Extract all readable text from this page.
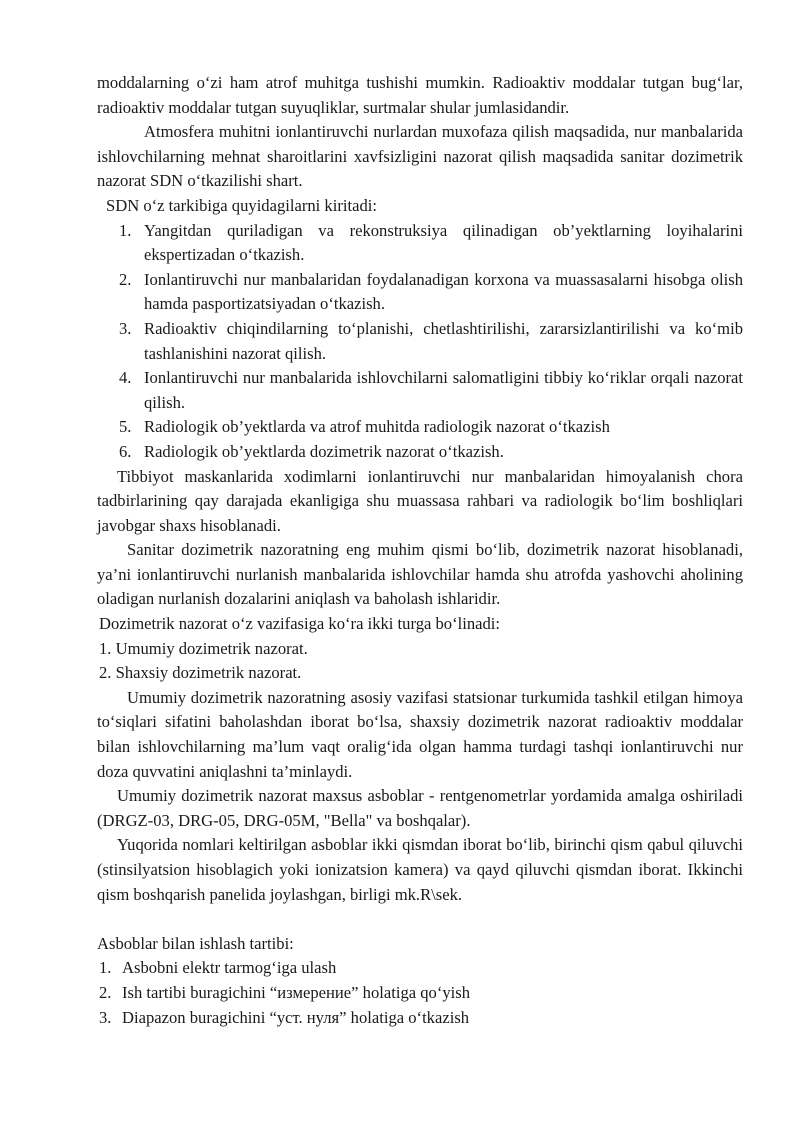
moddalarning o‘zi ham atrof muhitga tushishi mumkin. Radioaktiv moddalar tutgan bug‘lar, radioaktiv moddalar tutgan suyuqliklar, surtmalar shular jumlasidandir.

Atmosfera muhitni ionlantiruvchi nurlardan muxofaza qilish maqsadida, nur manbalarida ishlovchilarning mehnat sharoitlarini xavfsizligini nazorat qilish maqsadida sanitar dozimetrik nazorat SDN o‘tkazilishi shart.

SDN o‘z tarkibiga quyidagilarni kiritadi:

1. Yangitdan quriladigan va rekonstruksiya qilinadigan ob’yektlarning loyihalarini ekspertizadan o‘tkazish.
2. Ionlantiruvchi nur manbalaridan foydalanadigan korxona va muassasalarni hisobga olish hamda pasportizatsiyadan o‘tkazish.
3. Radioaktiv chiqindilarning to‘planishi, chetlashtirilishi, zararsizlantirilishi va ko‘mib tashlanishini nazorat qilish.
4. Ionlantiruvchi nur manbalarida ishlovchilarni salomatligini tibbiy ko‘riklar orqali nazorat qilish.
5. Radiologik ob’yektlarda va atrof muhitda radiologik nazorat o‘tkazish
6. Radiologik ob’yektlarda dozimetrik nazorat o‘tkazish.

Tibbiyot maskanlarida xodimlarni ionlantiruvchi nur manbalaridan himoyalanish chora tadbirlarining qay darajada ekanligiga shu muassasa rahbari va radiologik bo‘lim boshliqlari javobgar shaxs hisoblanadi.

Sanitar dozimetrik nazoratning eng muhim qismi bo‘lib, dozimetrik nazorat hisoblanadi, ya’ni ionlantiruvchi nurlanish manbalarida ishlovchilar hamda shu atrofda yashovchi aholining oladigan nurlanish dozalarini aniqlash va baholash ishlaridir.

Dozimetrik nazorat o‘z vazifasiga ko‘ra ikki turga bo‘linadi:

1. Umumiy dozimetrik nazorat.
2. Shaxsiy dozimetrik nazorat.

Umumiy dozimetrik nazoratning asosiy vazifasi statsionar turkumida tashkil etilgan himoya to‘siqlari sifatini baholashdan iborat bo‘lsa, shaxsiy dozimetrik nazorat radioaktiv moddalar bilan ishlovchilarning ma’lum vaqt oralig‘ida olgan hamma turdagi tashqi ionlantiruvchi nur doza quvvatini aniqlashni ta’minlaydi.

Umumiy dozimetrik nazorat maxsus asboblar - rentgenometrlar yordamida amalga oshiriladi (DRGZ-03, DRG-05, DRG-05M, "Bella" va boshqalar).

Yuqorida nomlari keltirilgan asboblar ikki qismdan iborat bo‘lib, birinchi qism qabul qiluvchi (stinsilyatsion hisoblagich yoki ionizatsion kamera) va qayd qiluvchi qismdan iborat. Ikkinchi qism boshqarish panelida joylashgan, birligi mk.R\sek.

Asboblar bilan ishlash tartibi:

1. Asbobni elektr tarmog‘iga ulash
2. Ish tartibi buragichini “измерение” holatiga qo‘yish
3. Diapazon buragichini “уст. нуля” holatiga o‘tkazish
